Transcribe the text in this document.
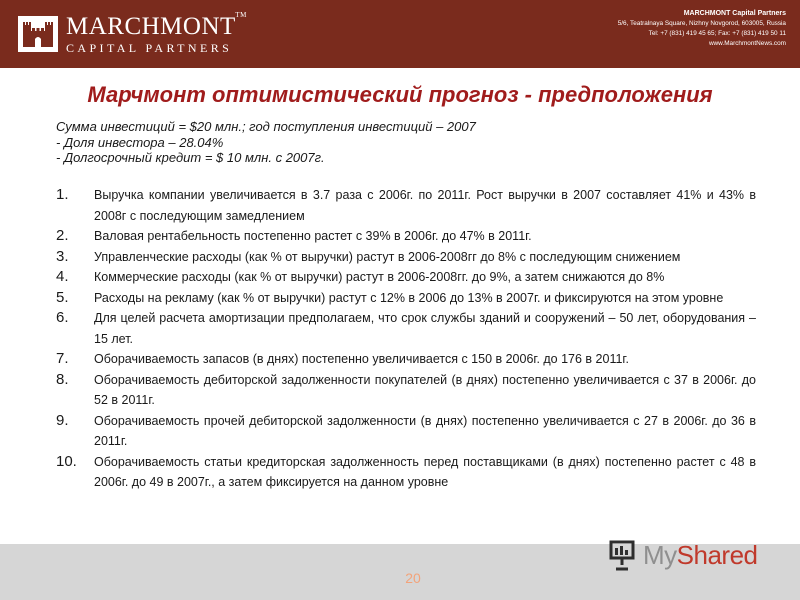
MARCHMONT TM
CAPITAL PARTNERS
MARCHMONT Capital Partners
5/6, Teatralnaya Square, Nizhny Novgorod, 603005, Russia
Tel: +7 (831) 419 45 65; Fax: +7 (831) 419 50 11
www.MarchmontNews.com
Марчмонт оптимистический прогноз - предположения
Сумма инвестиций = $20 млн.; год поступления инвестиций – 2007
- Доля инвестора – 28.04%
- Долгосрочный кредит = $ 10 млн. с 2007г.
1.	Выручка компании увеличивается в 3.7 раза с 2006г. по 2011г. Рост выручки в 2007 составляет 41% и 43% в 2008г с последующим замедлением
2.	Валовая рентабельность постепенно растет с 39% в 2006г. до 47% в 2011г.
3.	Управленческие расходы (как % от выручки) растут в 2006-2008гг до 8% с последующим снижением
4.	Коммерческие расходы (как % от выручки) растут в 2006-2008гг. до 9%, а затем снижаются до 8%
5.	Расходы на рекламу (как % от выручки) растут с 12% в 2006 до 13% в 2007г. и фиксируются на этом уровне
6.	Для целей расчета амортизации предполагаем, что срок службы зданий и сооружений – 50 лет, оборудования – 15 лет.
7.	Оборачиваемость запасов (в днях) постепенно увеличивается с 150 в 2006г. до 176 в 2011г.
8.	Оборачиваемость дебиторской задолженности покупателей (в днях) постепенно увеличивается с 37 в 2006г. до 52 в 2011г.
9.	Оборачиваемость прочей дебиторской задолженности (в днях) постепенно увеличивается с 27 в 2006г. до 36 в 2011г.
10.	Оборачиваемость статьи кредиторская задолженность перед поставщиками (в днях) постепенно растет с 48 в 2006г. до 49 в 2007г., а затем фиксируется на данном уровне
20
MyShared
